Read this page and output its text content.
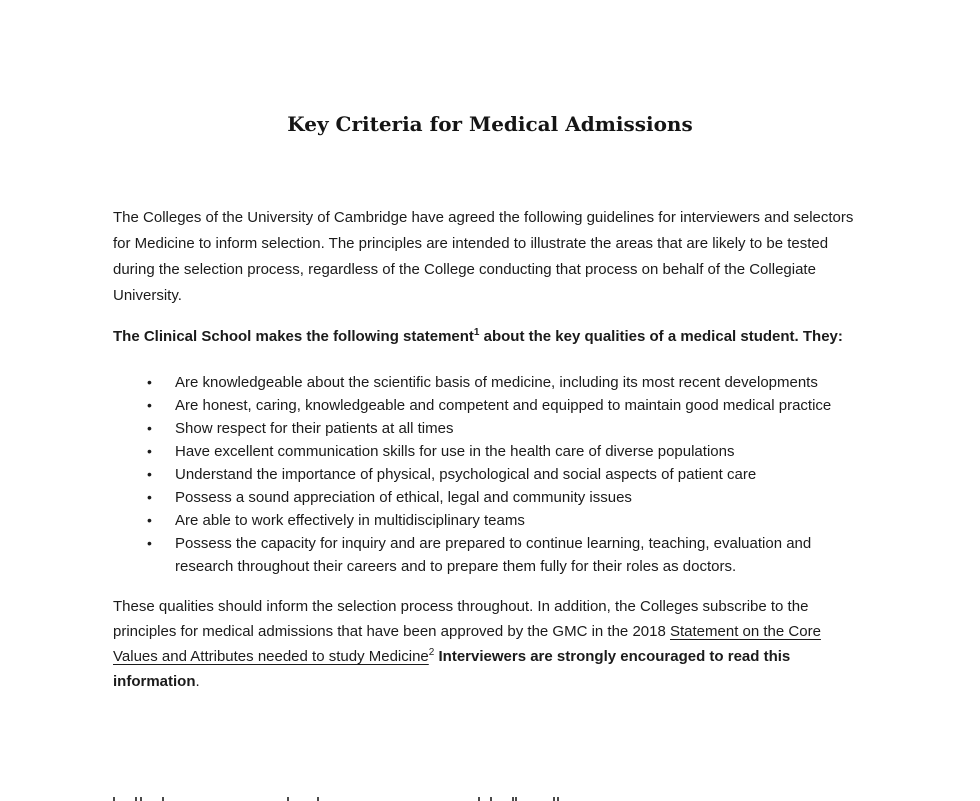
Key Criteria for Medical Admissions

The Colleges of the University of Cambridge have agreed the following guidelines for interviewers and selectors for Medicine to inform selection. The principles are intended to illustrate the areas that are likely to be tested during the selection process, regardless of the College conducting that process on behalf of the Collegiate University.

The Clinical School makes the following statement$^1$ about the key qualities of a medical student. They:

• Are knowledgeable about the scientific basis of medicine, including its most recent developments
• Are honest, caring, knowledgeable and competent and equipped to maintain good medical practice
• Show respect for their patients at all times
• Have excellent communication skills for use in the health care of diverse populations
• Understand the importance of physical, psychological and social aspects of patient care
• Possess a sound appreciation of ethical, legal and community issues
• Are able to work effectively in multidisciplinary teams
• Possess the capacity for inquiry and are prepared to continue learning, teaching, evaluation and research throughout their careers and to prepare them fully for their roles as doctors.

These qualities should inform the selection process throughout. In addition, the Colleges subscribe to the principles for medical admissions that have been approved by the GMC in the 2018 Statement on the Core Values and Attributes needed to study Medicine$^2$ Interviewers are strongly encouraged to read this information.
